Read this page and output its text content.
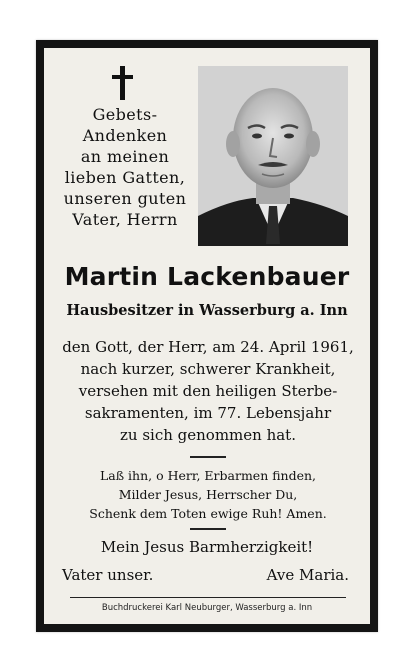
Gebets-
Andenken
an meinen
lieben Gatten,
unseren guten
Vater, Herrn
Martin Lackenbauer
Hausbesitzer in Wasserburg a. Inn
den Gott, der Herr, am 24. April 1961,
nach kurzer, schwerer Krankheit,
versehen mit den heiligen Sterbe-
sakramenten, im 77. Lebensjahr
zu sich genommen hat.
Laß ihn, o Herr, Erbarmen finden,
Milder Jesus, Herrscher Du,
Schenk dem Toten ewige Ruh! Amen.
Mein Jesus Barmherzigkeit!
Vater unser.	Ave Maria.
Buchdruckerei Karl Neuburger, Wasserburg a. Inn
